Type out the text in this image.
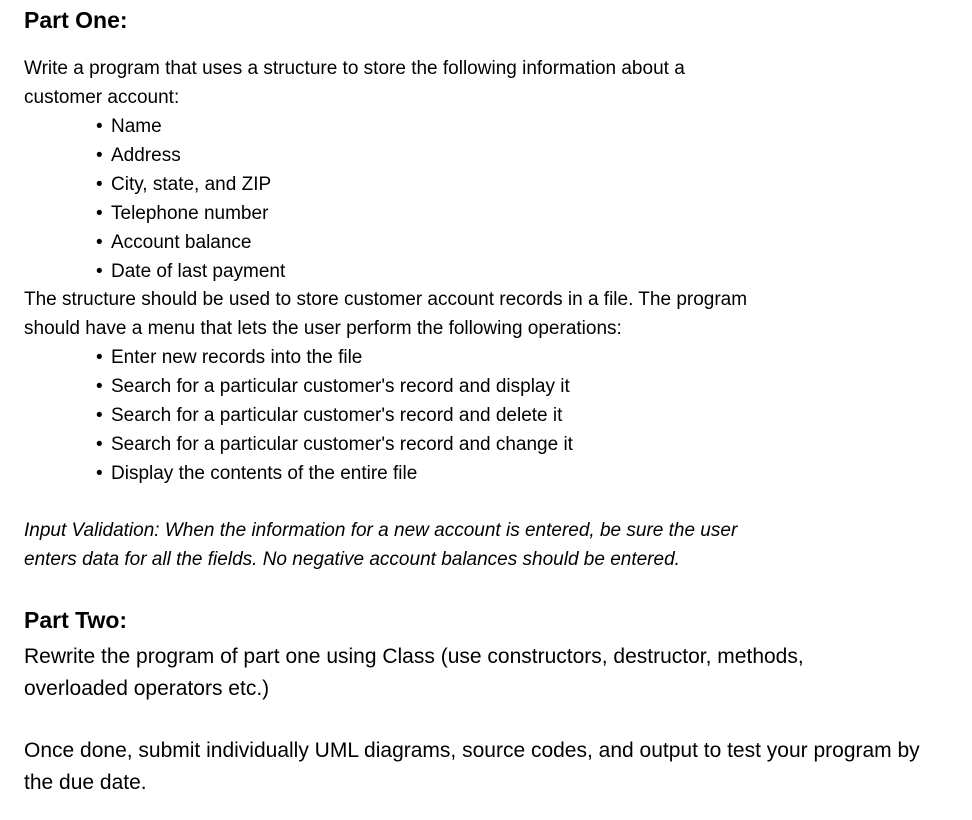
Part One:

Write a program that uses a structure to store the following information about a customer account:

• Name
• Address
• City, state, and ZIP
• Telephone number
• Account balance
• Date of last payment

The structure should be used to store customer account records in a file. The program should have a menu that lets the user perform the following operations:

• Enter new records into the file
• Search for a particular customer's record and display it
• Search for a particular customer's record and delete it
• Search for a particular customer's record and change it
• Display the contents of the entire file

Input Validation: When the information for a new account is entered, be sure the user enters data for all the fields. No negative account balances should be entered.

Part Two:

Rewrite the program of part one using Class (use constructors, destructor, methods, overloaded operators etc.)

Once done, submit individually UML diagrams, source codes, and output to test your program by the due date.
